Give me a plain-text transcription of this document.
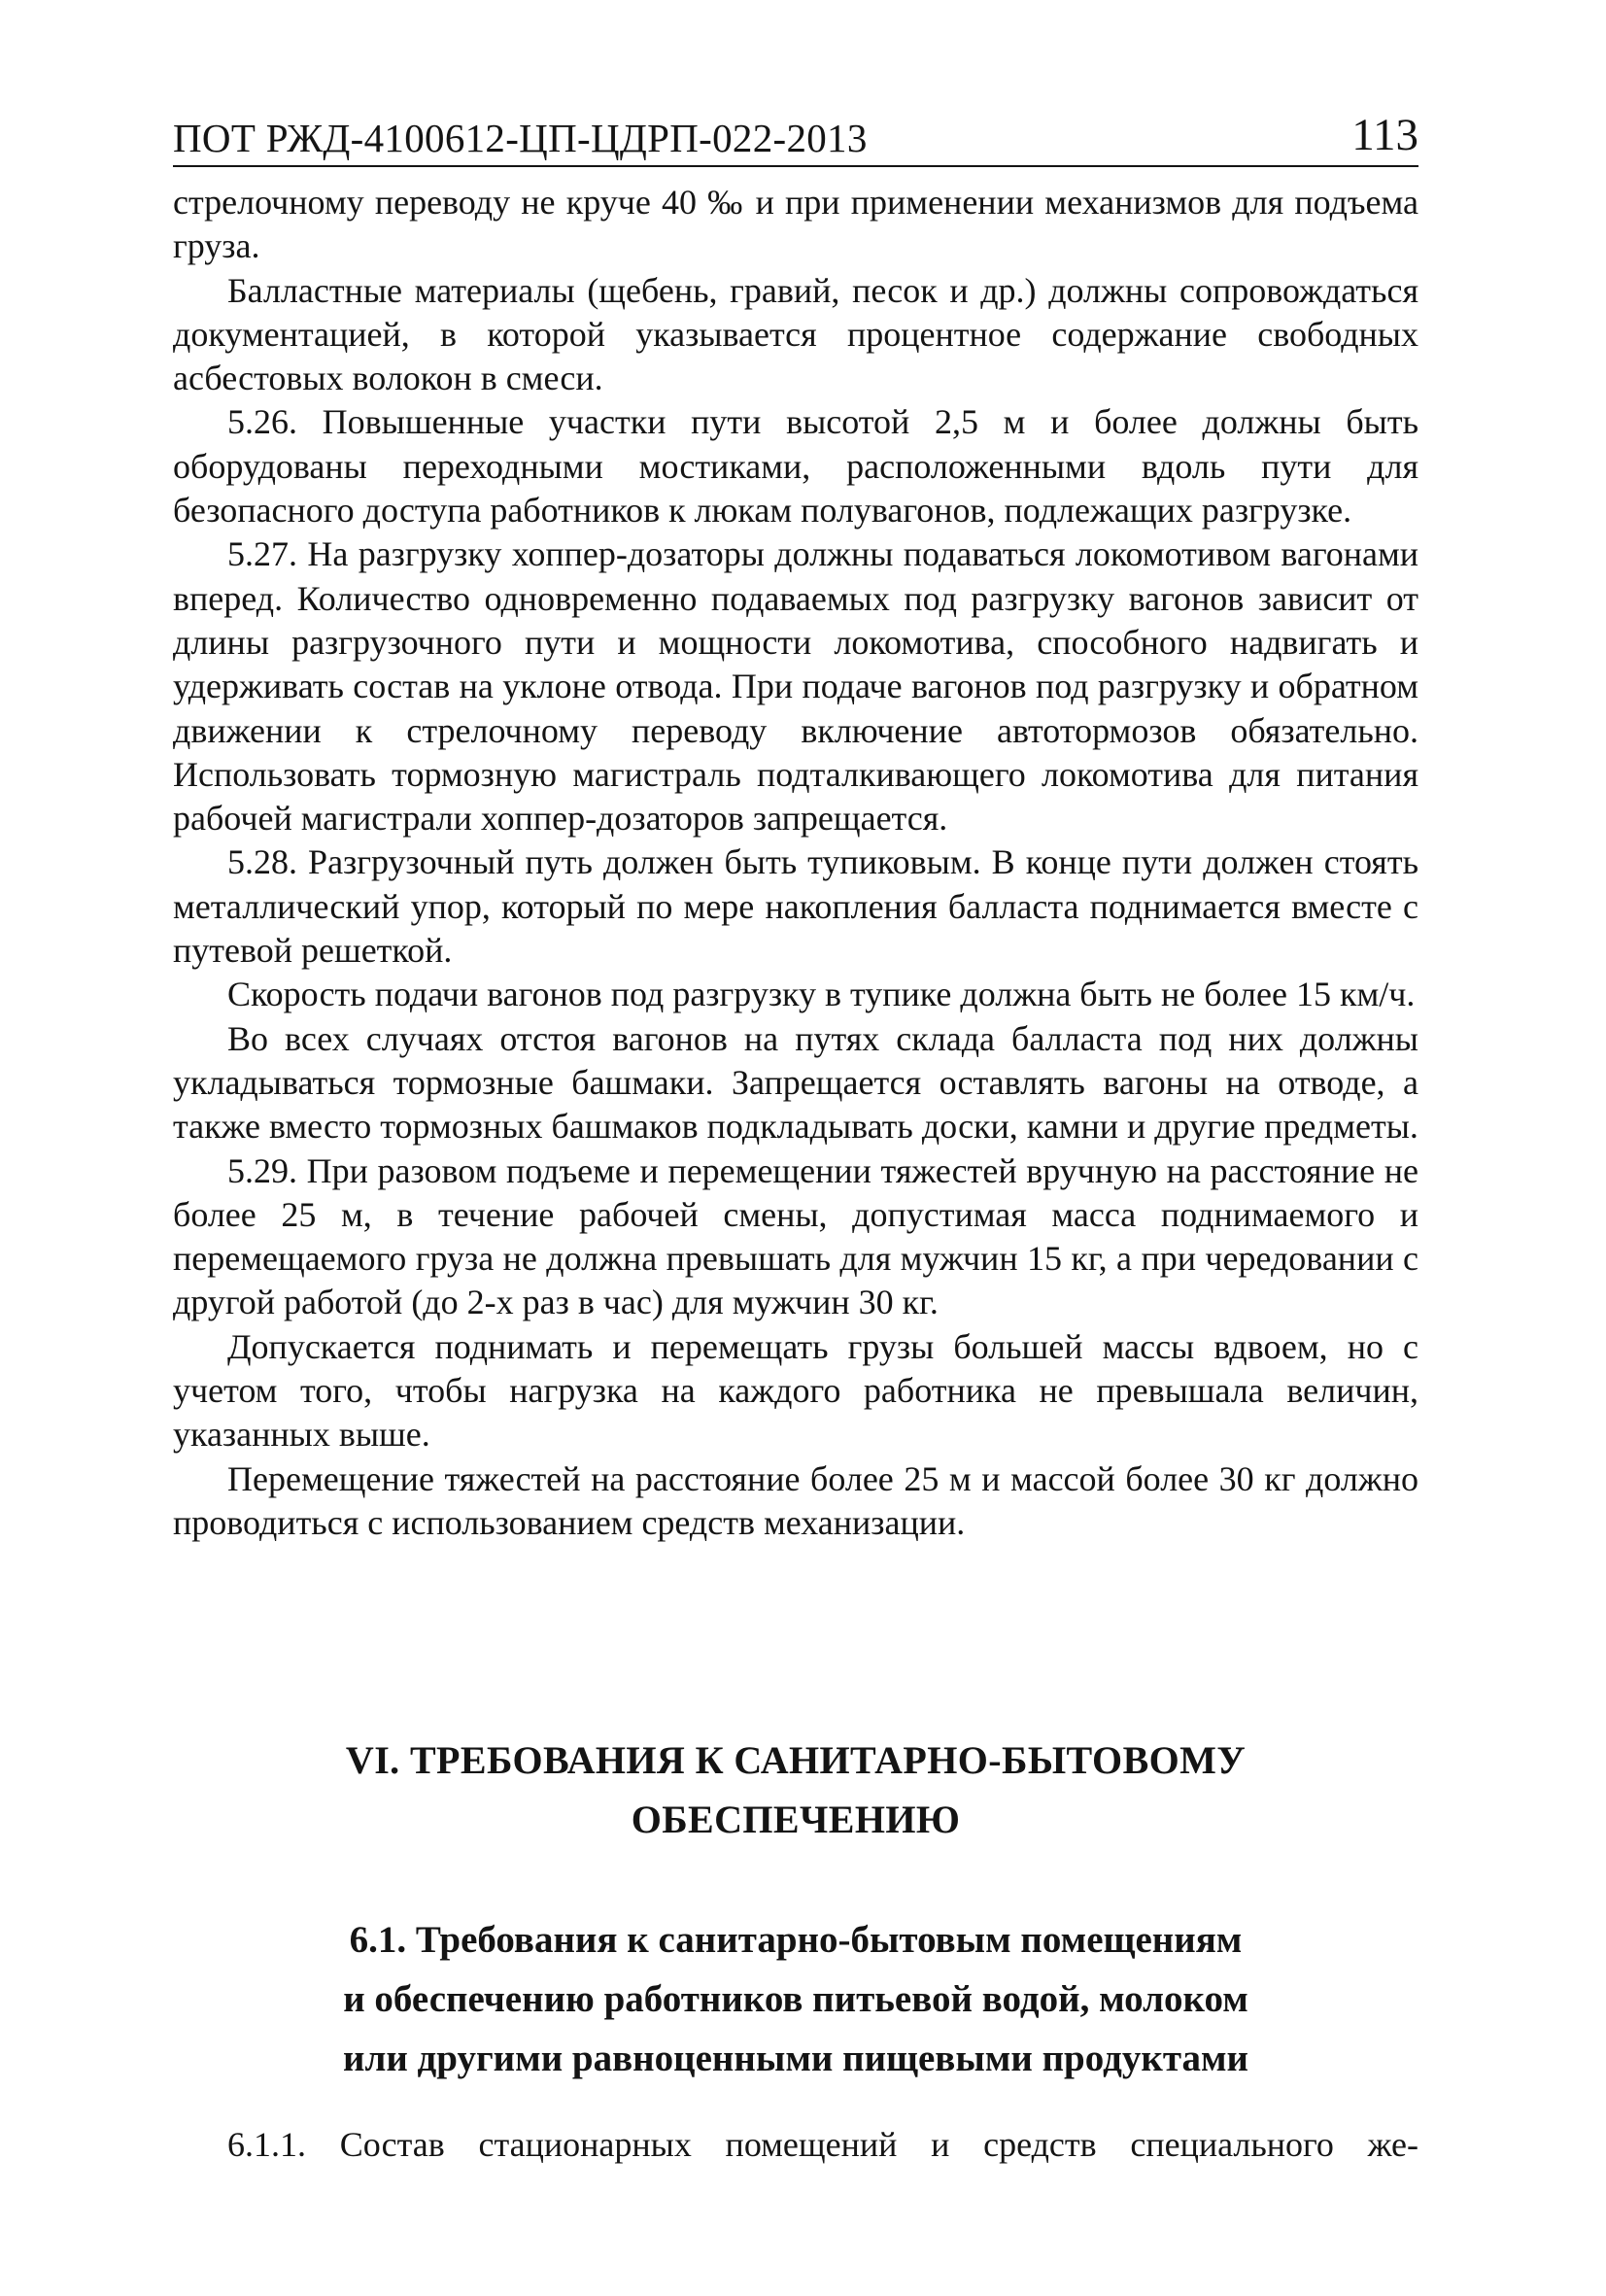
ПОТ РЖД-4100612-ЦП-ЦДРП-022-2013	113

стрелочному переводу не круче 40 ‰ и при применении механизмов для подъема груза.

Балластные материалы (щебень, гравий, песок и др.) должны сопровождаться документацией, в которой указывается процентное содержание свободных асбестовых волокон в смеси.

5.26. Повышенные участки пути высотой 2,5 м и более должны быть оборудованы переходными мостиками, расположенными вдоль пути для безопасного доступа работников к люкам полувагонов, подлежащих разгрузке.

5.27. На разгрузку хоппер-дозаторы должны подаваться локомотивом вагонами вперед. Количество одновременно подаваемых под разгрузку вагонов зависит от длины разгрузочного пути и мощности локомотива, способного надвигать и удерживать состав на уклоне отвода. При подаче вагонов под разгрузку и обратном движении к стрелочному переводу включение автотормозов обязательно. Использовать тормозную магистраль подталкивающего локомотива для питания рабочей магистрали хоппер-дозаторов запрещается.

5.28. Разгрузочный путь должен быть тупиковым. В конце пути должен стоять металлический упор, который по мере накопления балласта поднимается вместе с путевой решеткой.

Скорость подачи вагонов под разгрузку в тупике должна быть не более 15 км/ч.

Во всех случаях отстоя вагонов на путях склада балласта под них должны укладываться тормозные башмаки. Запрещается оставлять вагоны на отводе, а также вместо тормозных башмаков подкладывать доски, камни и другие предметы.

5.29. При разовом подъеме и перемещении тяжестей вручную на расстояние не более 25 м, в течение рабочей смены, допустимая масса поднимаемого и перемещаемого груза не должна превышать для мужчин 15 кг, а при чередовании с другой работой (до 2-х раз в час) для мужчин 30 кг.

Допускается поднимать и перемещать грузы большей массы вдвоем, но с учетом того, чтобы нагрузка на каждого работника не превышала величин, указанных выше.

Перемещение тяжестей на расстояние более 25 м и массой более 30 кг должно проводиться с использованием средств механизации.

VI. ТРЕБОВАНИЯ К САНИТАРНО-БЫТОВОМУ
ОБЕСПЕЧЕНИЮ
6.1. Требования к санитарно-бытовым помещениям
и обеспечению работников питьевой водой, молоком
или другими равноценными пищевыми продуктами

6.1.1. Состав стационарных помещений и средств специального же-
